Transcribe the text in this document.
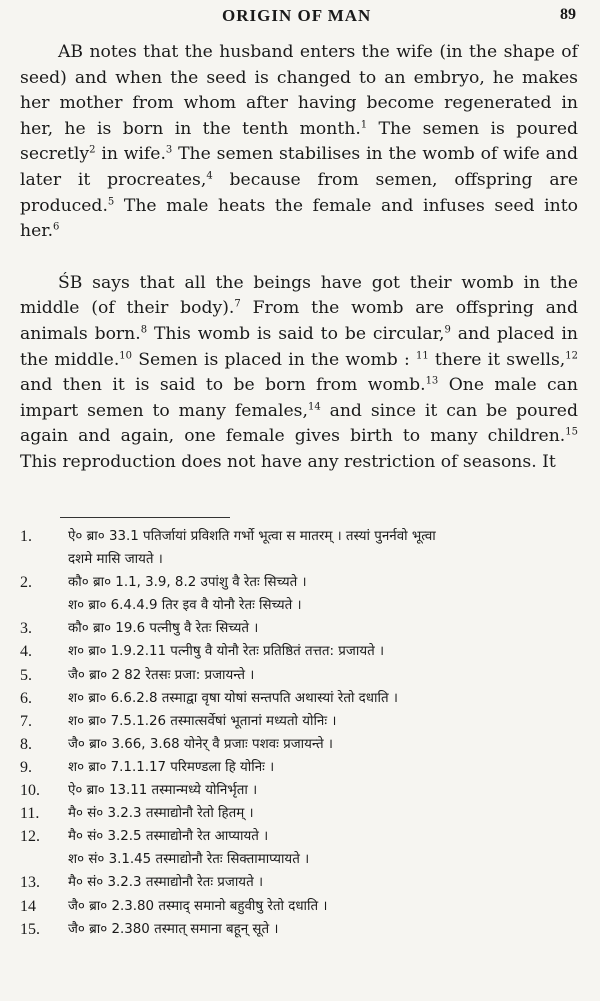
ORIGIN OF MAN	89

AB notes that the husband enters the wife (in the shape of seed) and when the seed is changed to an embryo, he makes her mother from whom after having become regenerated in her, he is born in the tenth month.$^1$ The semen is poured secretly$^2$ in wife.$^3$ The semen stabilises in the womb of wife and later it procreates,$^4$ because from semen, offspring are produced.$^5$ The male heats the female and infuses seed into her.$^6$

ŚB says that all the beings have got their womb in the middle (of their body).$^7$ From the womb are offspring and animals born.$^8$ This womb is said to be circular,$^9$ and placed in the middle.$^{10}$ Semen is placed in the womb : $^{11}$ there it swells,$^{12}$ and then it is said to be born from womb.$^{13}$ One male can impart semen to many females,$^{14}$ and since it can be poured again and again, one female gives birth to many children.$^{15}$ This reproduction does not have any restriction of seasons. It

1.	ऐ० ब्रा० 33.1 पतिर्जायां प्रविशति गर्भो भूत्वा स मातरम् । तस्यां पुनर्नवो भूत्वा
दशमे मासि जायते ।
2.	कौ० ब्रा० 1.1, 3.9, 8.2 उपांशु वै रेतः सिच्यते ।
श० ब्रा० 6.4.4.9 तिर इव वै योनौ रेतः सिच्यते ।
3.	कौ० ब्रा० 19.6 पत्नीषु वै रेतः सिच्यते ।
4.	श० ब्रा० 1.9.2.11 पत्नीषु वै योनौ रेतः प्रतिष्ठितं तत्तत: प्रजायते ।
5.	जै० ब्रा० 2 82 रेतसः प्रजा: प्रजायन्ते ।
6.	श० ब्रा० 6.6.2.8 तस्माद्वा वृषा योषां सन्तपति अथास्यां रेतो दधाति ।
7.	श० ब्रा० 7.5.1.26 तस्मात्सर्वेषां भूतानां मध्यतो योनिः ।
8.	जै० ब्रा० 3.66, 3.68 योनेर् वै प्रजाः पशवः प्रजायन्ते ।
9.	श० ब्रा० 7.1.1.17 परिमण्डला हि योनिः ।
10.	ऐ० ब्रा० 13.11 तस्मान्मध्ये योनिर्भृता ।
11.	मै० सं० 3.2.3 तस्माद्योनौ रेतो हितम् ।
12.	मै० सं० 3.2.5 तस्माद्योनौ रेत आप्यायते ।
श० सं० 3.1.45 तस्माद्योनौ रेतः सिक्तामाप्यायते ।
13.	मै० सं० 3.2.3 तस्माद्योनौ रेतः प्रजायते ।
14	जै० ब्रा० 2.3.80 तस्माद् समानो बहुवीषु रेतो दधाति ।
15.	जै० ब्रा० 2.380 तस्मात् समाना बहून् सूते ।
